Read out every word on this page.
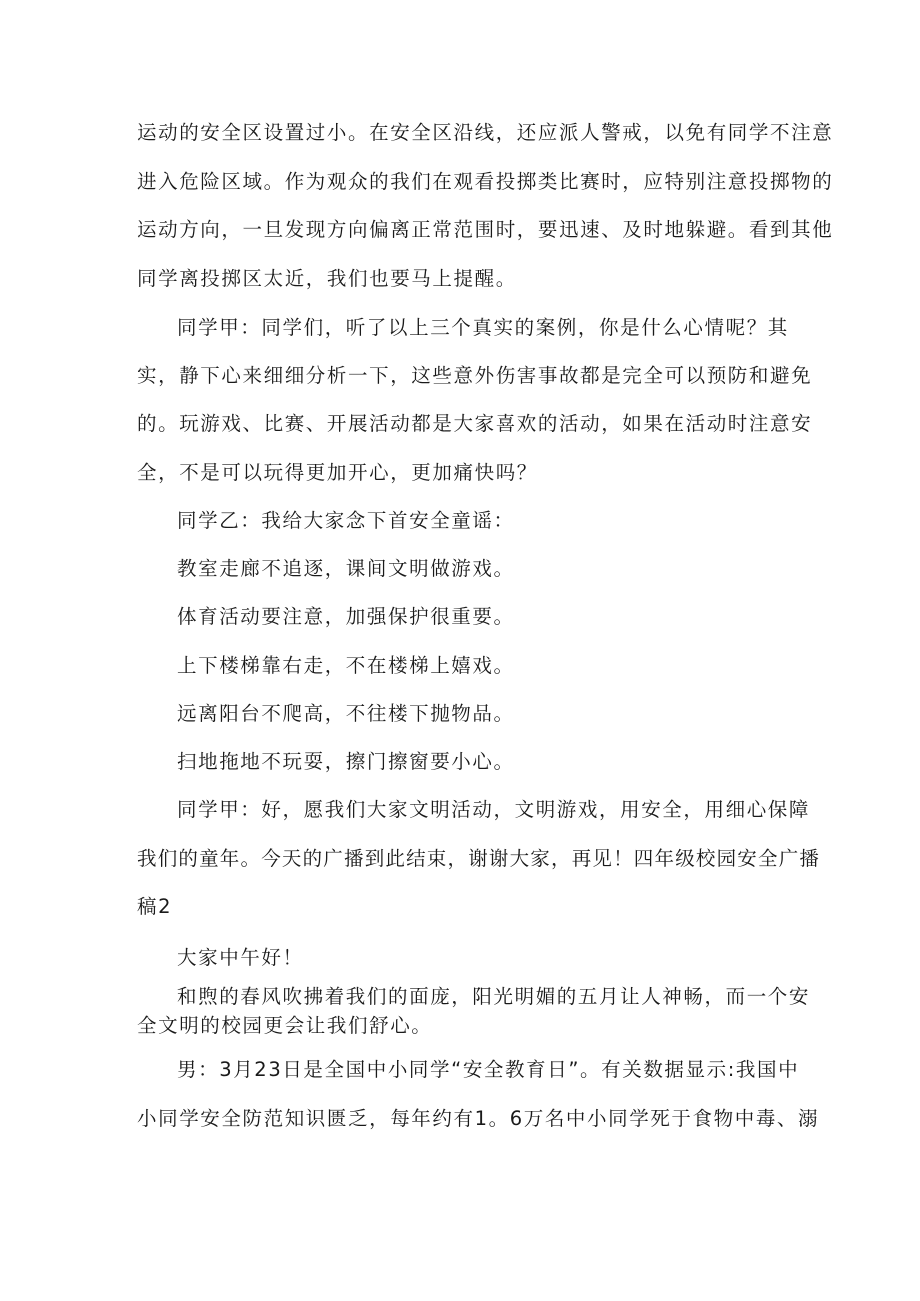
运动的安全区设置过小。在安全区沿线，还应派人警戒，以免有同学不注意
进入危险区域。作为观众的我们在观看投掷类比赛时，应特别注意投掷物的
运动方向，一旦发现方向偏离正常范围时，要迅速、及时地躲避。看到其他
同学离投掷区太近，我们也要马上提醒。
同学甲：同学们，听了以上三个真实的案例，你是什么心情呢？其
实，静下心来细细分析一下，这些意外伤害事故都是完全可以预防和避免
的。玩游戏、比赛、开展活动都是大家喜欢的活动，如果在活动时注意安
全，不是可以玩得更加开心，更加痛快吗？
同学乙：我给大家念下首安全童谣：
教室走廊不追逐，课间文明做游戏。
体育活动要注意，加强保护很重要。
上下楼梯靠右走，不在楼梯上嬉戏。
远离阳台不爬高，不往楼下抛物品。
扫地拖地不玩耍，擦门擦窗要小心。
同学甲：好，愿我们大家文明活动，文明游戏，用安全，用细心保障
我们的童年。今天的广播到此结束，谢谢大家，再见！四年级校园安全广播
稿2
大家中午好！
和煦的春风吹拂着我们的面庞，阳光明媚的五月让人神畅，而一个安
全文明的校园更会让我们舒心。
男：3月23日是全国中小同学“安全教育日”。有关数据显示:我国中
小同学安全防范知识匮乏，每年约有1。6万名中小同学死于食物中毒、溺
